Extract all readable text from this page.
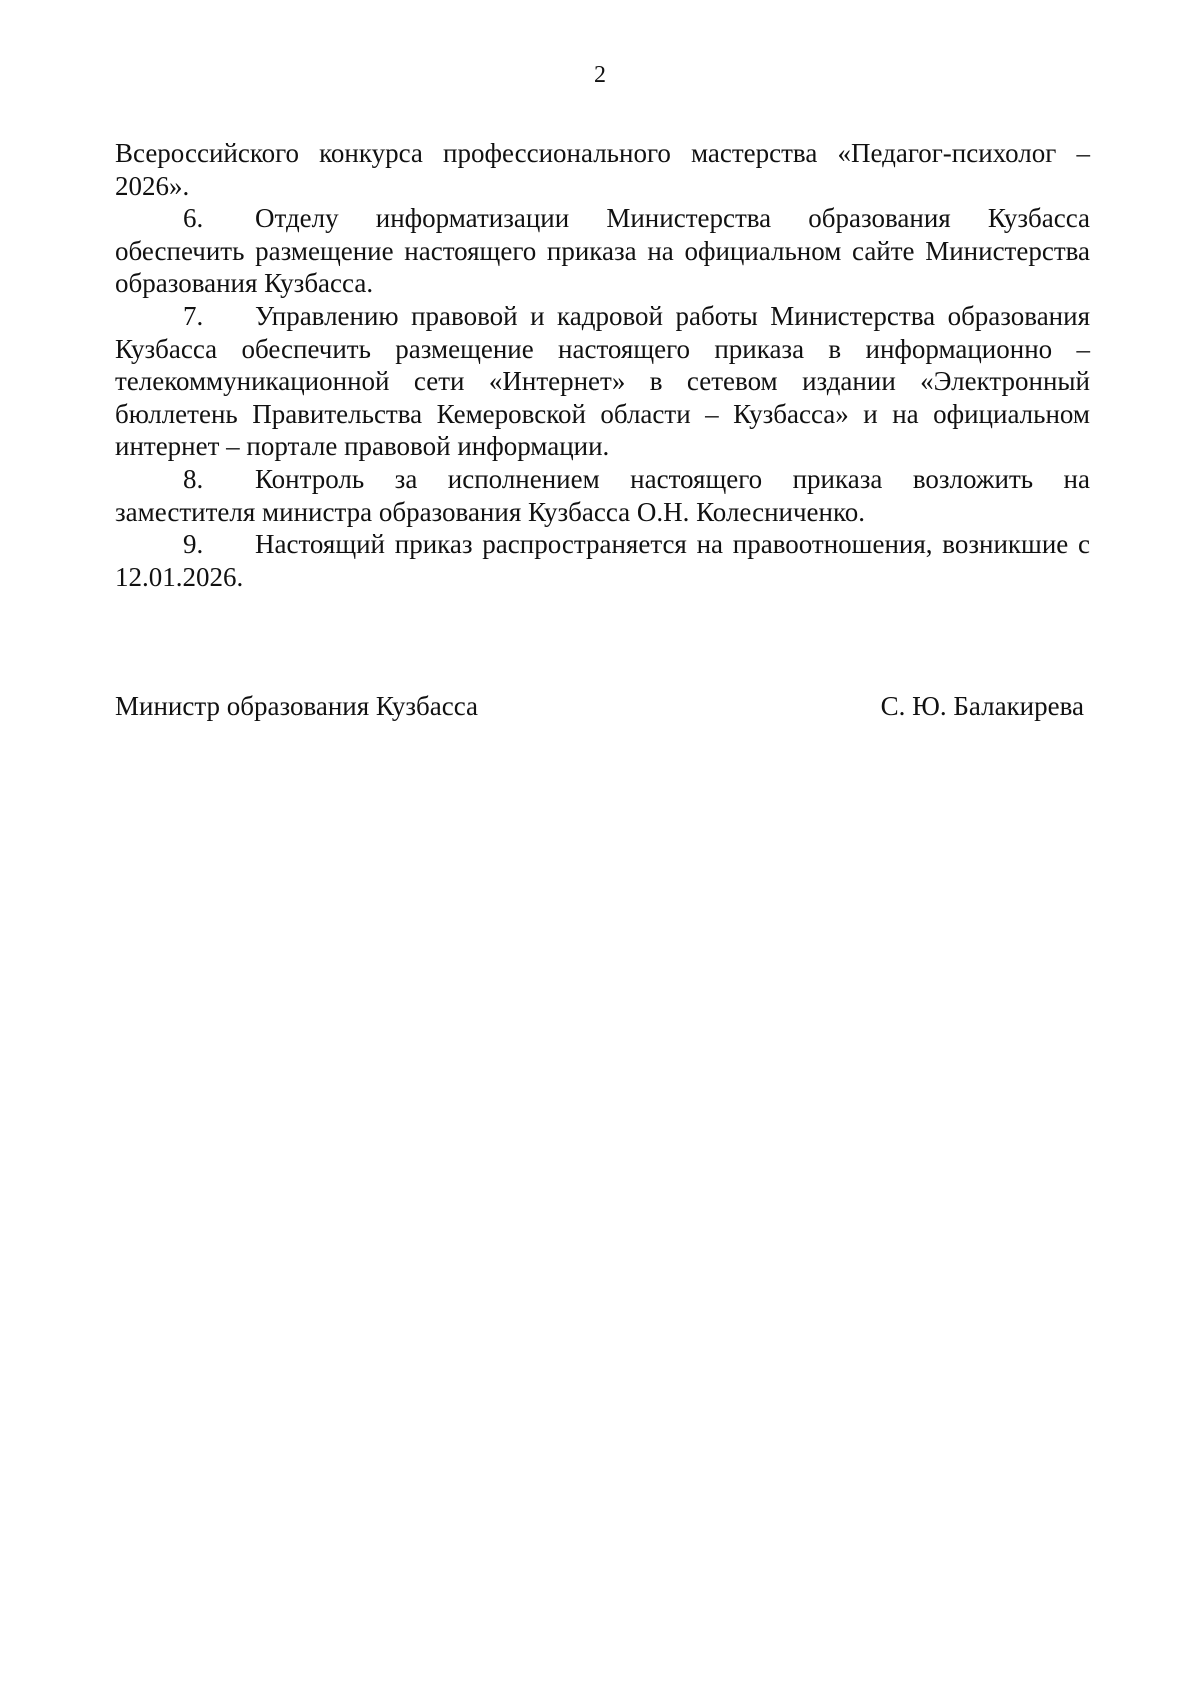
2

Всероссийского конкурса профессионального мастерства «Педагог-психолог – 2026».

6. Отделу информатизации Министерства образования Кузбасса обеспечить размещение настоящего приказа на официальном сайте Министерства образования Кузбасса.

7. Управлению правовой и кадровой работы Министерства образования Кузбасса обеспечить размещение настоящего приказа в информационно – телекоммуникационной сети «Интернет» в сетевом издании «Электронный бюллетень Правительства Кемеровской области – Кузбасса» и на официальном интернет – портале правовой информации.

8. Контроль за исполнением настоящего приказа возложить на заместителя министра образования Кузбасса О.Н. Колесниченко.

9. Настоящий приказ распространяется на правоотношения, возникшие с 12.01.2026.

Министр образования Кузбасса	С. Ю. Балакирева
